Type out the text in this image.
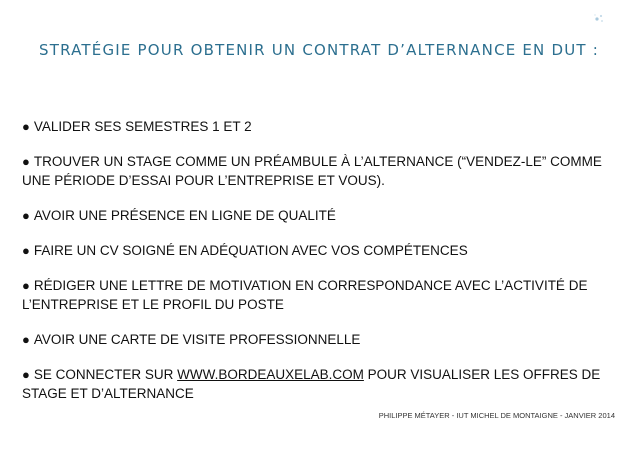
STRATÉGIE POUR OBTENIR UN CONTRAT D’ALTERNANCE EN DUT :
● VALIDER SES SEMESTRES 1 ET 2
● TROUVER UN STAGE COMME UN PRÉAMBULE À L’ALTERNANCE (“VENDEZ-LE” COMME UNE PÉRIODE D’ESSAI POUR L’ENTREPRISE ET VOUS).
● AVOIR UNE PRÉSENCE EN LIGNE DE QUALITÉ
● FAIRE UN CV SOIGNÉ EN ADÉQUATION AVEC VOS COMPÉTENCES
● RÉDIGER UNE LETTRE DE MOTIVATION EN CORRESPONDANCE AVEC L’ACTIVITÉ DE L’ENTREPRISE ET LE PROFIL DU POSTE
● AVOIR UNE CARTE DE VISITE PROFESSIONNELLE
● SE CONNECTER SUR WWW.BORDEAUXELAB.COM POUR VISUALISER LES OFFRES DE STAGE ET D’ALTERNANCE
PHILIPPE MÉTAYER - IUT MICHEL DE MONTAIGNE - JANVIER 2014
